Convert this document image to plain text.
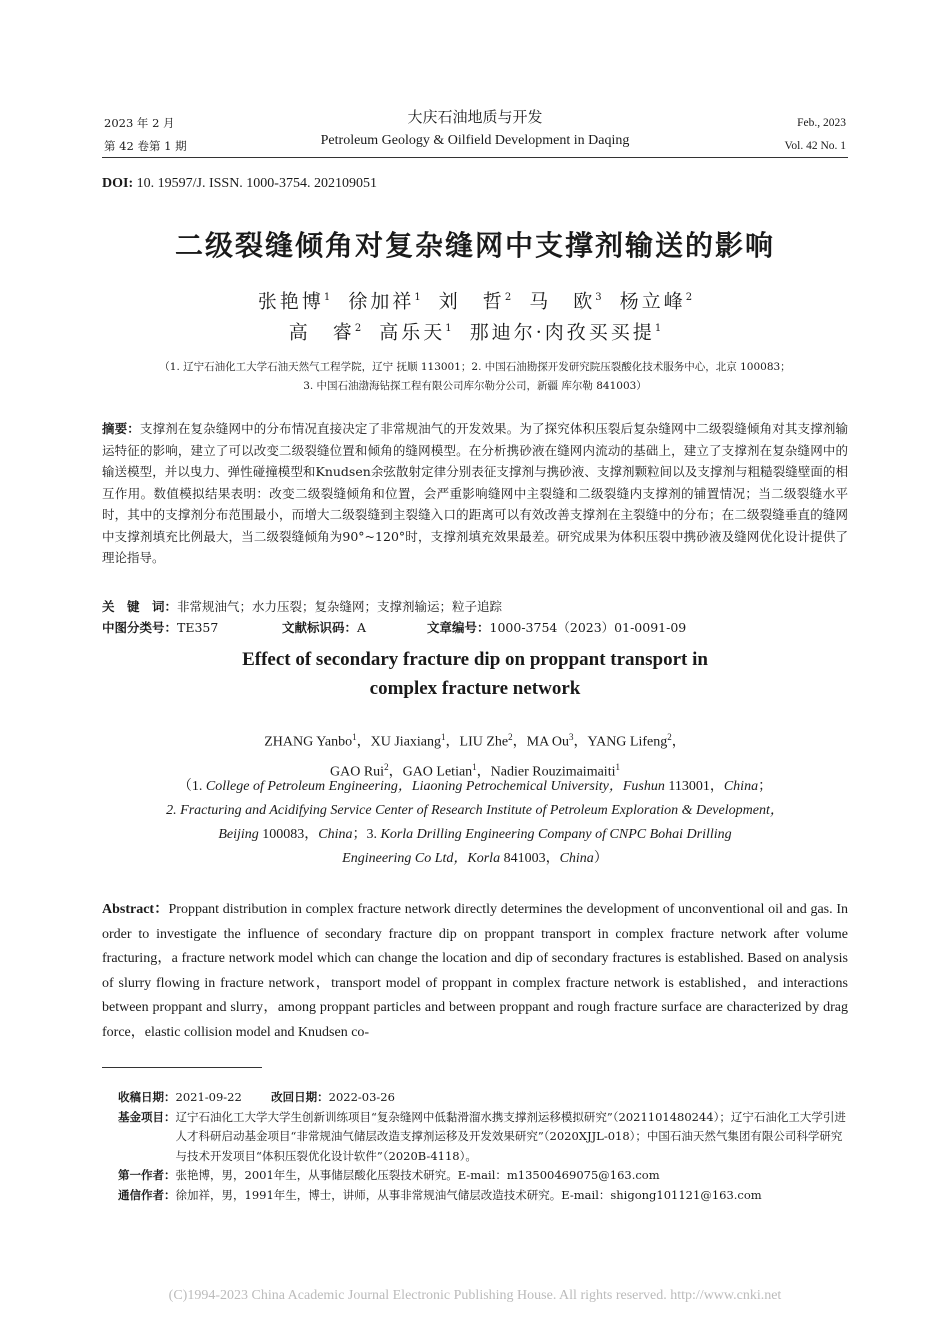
2023 年 2 月
第 42 卷第 1 期
大庆石油地质与开发
Petroleum Geology & Oilfield Development in Daqing
Feb., 2023
Vol. 42 No. 1
DOI: 10. 19597/J. ISSN. 1000-3754. 202109051
二级裂缝倾角对复杂缝网中支撑剂输送的影响
张艳博$^1$ 徐加祥$^1$ 刘　哲$^2$ 马　欧$^3$ 杨立峰$^2$
高　睿$^2$ 高乐天$^1$ 那迪尔·肉孜买买提$^1$
（1. 辽宁石油化工大学石油天然气工程学院，辽宁 抚顺 113001；2. 中国石油勘探开发研究院压裂酸化技术服务中心，北京 100083；
3. 中国石油渤海钻探工程有限公司库尔勒分公司，新疆 库尔勒 841003）
摘要：支撑剂在复杂缝网中的分布情况直接决定了非常规油气的开发效果。为了探究体积压裂后复杂缝网中二级裂缝倾角对其支撑剂输运特征的影响，建立了可以改变二级裂缝位置和倾角的缝网模型。在分析携砂液在缝网内流动的基础上，建立了支撑剂在复杂缝网中的输送模型，并以曳力、弹性碰撞模型和Knudsen余弦散射定律分别表征支撑剂与携砂液、支撑剂颗粒间以及支撑剂与粗糙裂缝壁面的相互作用。数值模拟结果表明：改变二级裂缝倾角和位置，会严重影响缝网中主裂缝和二级裂缝内支撑剂的铺置情况；当二级裂缝水平时，其中的支撑剂分布范围最小，而增大二级裂缝到主裂缝入口的距离可以有效改善支撑剂在主裂缝中的分布；在二级裂缝垂直的缝网中支撑剂填充比例最大，当二级裂缝倾角为90°~120°时，支撑剂填充效果最差。研究成果为体积压裂中携砂液及缝网优化设计提供了理论指导。
关　键　词：非常规油气；水力压裂；复杂缝网；支撑剂输运；粒子追踪
中图分类号：TE357	文献标识码：A	文章编号：1000-3754（2023）01-0091-09
Effect of secondary fracture dip on proppant transport in
complex fracture network
ZHANG Yanbo$^1$，XU Jiaxiang$^1$，LIU Zhe$^2$，MA Ou$^3$，YANG Lifeng$^2$，
GAO Rui$^2$，GAO Letian$^1$，Nadier Rouzimaimaiti$^1$
（1. College of Petroleum Engineering，Liaoning Petrochemical University，Fushun 113001，China；
2. Fracturing and Acidifying Service Center of Research Institute of Petroleum Exploration & Development，
Beijing 100083，China；3. Korla Drilling Engineering Company of CNPC Bohai Drilling
Engineering Co Ltd，Korla 841003，China）
Abstract：Proppant distribution in complex fracture network directly determines the development of unconventional oil and gas. In order to investigate the influence of secondary fracture dip on proppant transport in complex fracture network after volume fracturing，a fracture network model which can change the location and dip of secondary fractures is established. Based on analysis of slurry flowing in fracture network，transport model of proppant in complex fracture network is established，and interactions between proppant and slurry，among proppant particles and between proppant and rough fracture surface are characterized by drag force，elastic collision model and Knudsen co-
收稿日期：2021-09-22	改回日期：2022-03-26
基金项目： 辽宁石油化工大学大学生创新训练项目“复杂缝网中低黏滑溜水携支撑剂运移模拟研究”（2021101480244）；辽宁石油化工大学引进人才科研启动基金项目“非常规油气储层改造支撑剂运移及开发效果研究”（2020XJJL-018）；中国石油天然气集团有限公司科学研究与技术开发项目“体积压裂优化设计软件”（2020B-4118）。
第一作者： 张艳博，男，2001年生，从事储层酸化压裂技术研究。E-mail：m13500469075@163.com
通信作者： 徐加祥，男，1991年生，博士，讲师，从事非常规油气储层改造技术研究。E-mail：shigong101121@163.com
(C)1994-2023 China Academic Journal Electronic Publishing House. All rights reserved. http://www.cnki.net
